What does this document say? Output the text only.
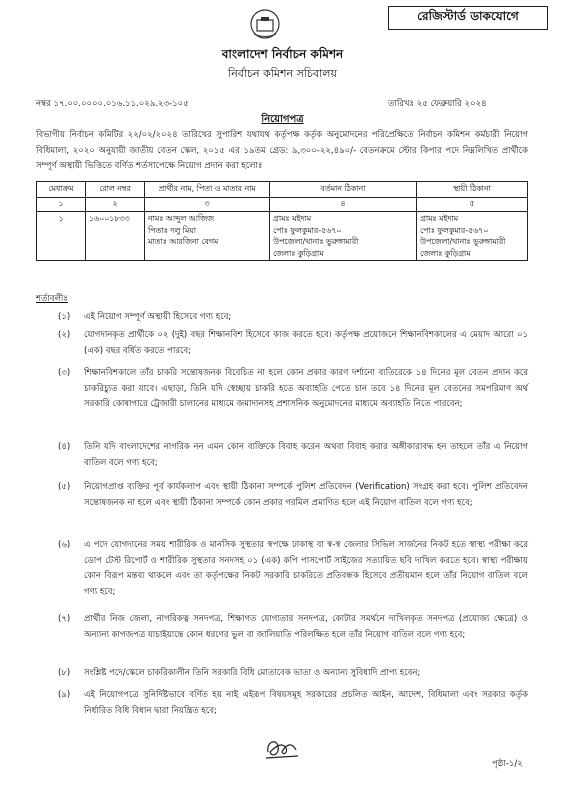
রেজিস্টার্ড ডাকযোগে
বাংলাদেশ নির্বাচন কমিশন
নির্বাচন কমিশন সচিবালয়
নম্বর ১৭.০০.০০০০.০১৬.১১.০২৯.২৩-১০৫	তারিখঃ ২৫ ফেব্রুয়ারি ২০২৪
নিয়োগপত্র
বিভাগীয় নির্বাচন কমিটির ২২/০২/২০২৪ তারিখের সুপারিশ যথাযথ কর্তৃপক্ষ কর্তৃক অনুমোদনের পরিপ্রেক্ষিতে নির্বাচন কমিশন কর্মচারী নিয়োগ বিধিমালা, ২০২০ অনুযায়ী জাতীয় বেতন স্কেল, ২০১৫ এর ১৯তম গ্রেড: ৯,৩০০-২২,৪৯০/- বেতনক্রমে স্টোর কিপার পদে নিম্নলিখিত প্রার্থীকে সম্পূর্ণ অস্থায়ী ভিত্তিতে বর্ণিত শর্তসাপেক্ষে নিয়োগ প্রদান করা হলোঃ
মেধাক্রম	রোল নম্বর	প্রার্থীর নাম, পিতা ও মাতার নাম	বর্তমান ঠিকানা	স্থায়ী ঠিকানা
১	২	৩	৪	৫
১	১৬০০১৮৩৩	নামঃ আব্দুল আজিজ
পিতাঃ দলু মিয়া
মাতাঃ আরজিনা বেগম	গ্রামঃ মইদাম
পোঃ ফুলকুমার-৫৬৭০
উপজেলা/থানাঃ ভুরুঙ্গামারী
জেলাঃ কুড়িগ্রাম	গ্রামঃ মইদাম
পোঃ ফুলকুমার-৫৬৭০
উপজেলা/থানাঃ ভুরুঙ্গামারী
জেলাঃ কুড়িগ্রাম
শর্তাবলীঃ
(১) এই নিয়োগ সম্পূর্ণ অস্থায়ী হিসেবে গণ্য হবে;
(২) যোগদানকৃত প্রার্থীকে ০২ (দুই) বছর শিক্ষানবিশ হিসেবে কাজ করতে হবে। কর্তৃপক্ষ প্রয়োজনে শিক্ষানবিশকালের এ মেয়াদ আরো ০১ (এক) বছর বর্ধিত করতে পারবে;
(৩) শিক্ষানবিশকালে তাঁর চাকরি সন্তোষজনক বিবেচিত না হলে কোন প্রকার কারণ দর্শানো ব্যতিরেকে ১৪ দিনের মূল বেতন প্রদান করে চাকরিচ্যুত করা যাবে। এছাড়া, তিনি যদি স্বেচ্ছায় চাকরি হতে অব্যাহতি পেতে চান তবে ১৪ দিনের মূল বেতনের সমপরিমাণ অর্থ সরকারি কোষাগারে ট্রেজারী চালানের মাধ্যমে জমাদানসহ প্রশাসনিক অনুমোদনের মাধ্যমে অব্যাহতি নিতে পারবেন;
(৪) তিনি যদি বাংলাদেশের নাগরিক নন এমন কোন ব্যক্তিকে বিবাহ করেন অথবা বিবাহ করার অঙ্গীকারাবদ্ধ হন তাহলে তাঁর এ নিয়োগ বাতিল বলে গণ্য হবে;
(৫) নিয়োগপ্রাপ্ত ব্যক্তির পূর্ব কার্যকলাপ এবং স্থায়ী ঠিকানা সম্পর্কে পুলিশ প্রতিবেদন (Verification) সংগ্রহ করা হবে। পুলিশ প্রতিবেদন সন্তোষজনক না হলে এবং স্থায়ী ঠিকানা সম্পর্কে কোন প্রকার গরমিল প্রমাণিত হলে এই নিয়োগ বাতিল বলে গণ্য হবে;
(৬) এ পদে যোগদানের সময় শারীরিক ও মানসিক সুস্থতার স্বপক্ষে ঢাকাস্থ বা স্ব-স্ব জেলার সিভিল সার্জনের নিকট হতে স্বাস্থ্য পরীক্ষা করে ডোপ টেস্ট রিপোর্ট ও শারীরিক সুস্থতার সনদসহ ০১ (এক) কপি পাসপোর্ট সাইজের সত্যায়িত ছবি দাখিল করতে হবে। স্বাস্থ্য পরীক্ষায় কোন বিরূপ মন্তব্য থাকলে এবং তা কর্তৃপক্ষের নিকট সরকারি চাকরিতে প্রতিবন্ধক হিসেবে প্রতীয়মান হলে তাঁর নিয়োগ বাতিল বলে গণ্য হবে;
(৭) প্রার্থীর নিজ জেলা, নাগরিকত্ব সনদপত্র, শিক্ষাগত যোগ্যতার সনদপত্র, কোটার সমর্থনে দাখিলকৃত সনদপত্র (প্রযোজ্য ক্ষেত্রে) ও অন্যান্য কাগজপত্র যাচাইয়ান্তে কোন ধরণের ভুল বা জালিয়াতি পরিলক্ষিত হলে তাঁর নিয়োগ বাতিল বলে গণ্য হবে;
(৮) সংশ্লিষ্ট পদে/স্কেলে চাকরিকালীন তিনি সরকারি বিধি মোতাবেক ভাতা ও অন্যান্য সুবিধাদি প্রাপ্য হবেন;
(৯) এই নিয়োগপত্রে সুনির্দিষ্টভাবে বর্ণিত হয় নাই এইরূপ বিষয়সমূহ সরকারের প্রচলিত আইন, আদেশ, বিধিমালা এবং সরকার কর্তৃক নির্ধারিত বিধি বিধান দ্বারা নিয়ন্ত্রিত হবে;
পৃষ্ঠা-১/২
